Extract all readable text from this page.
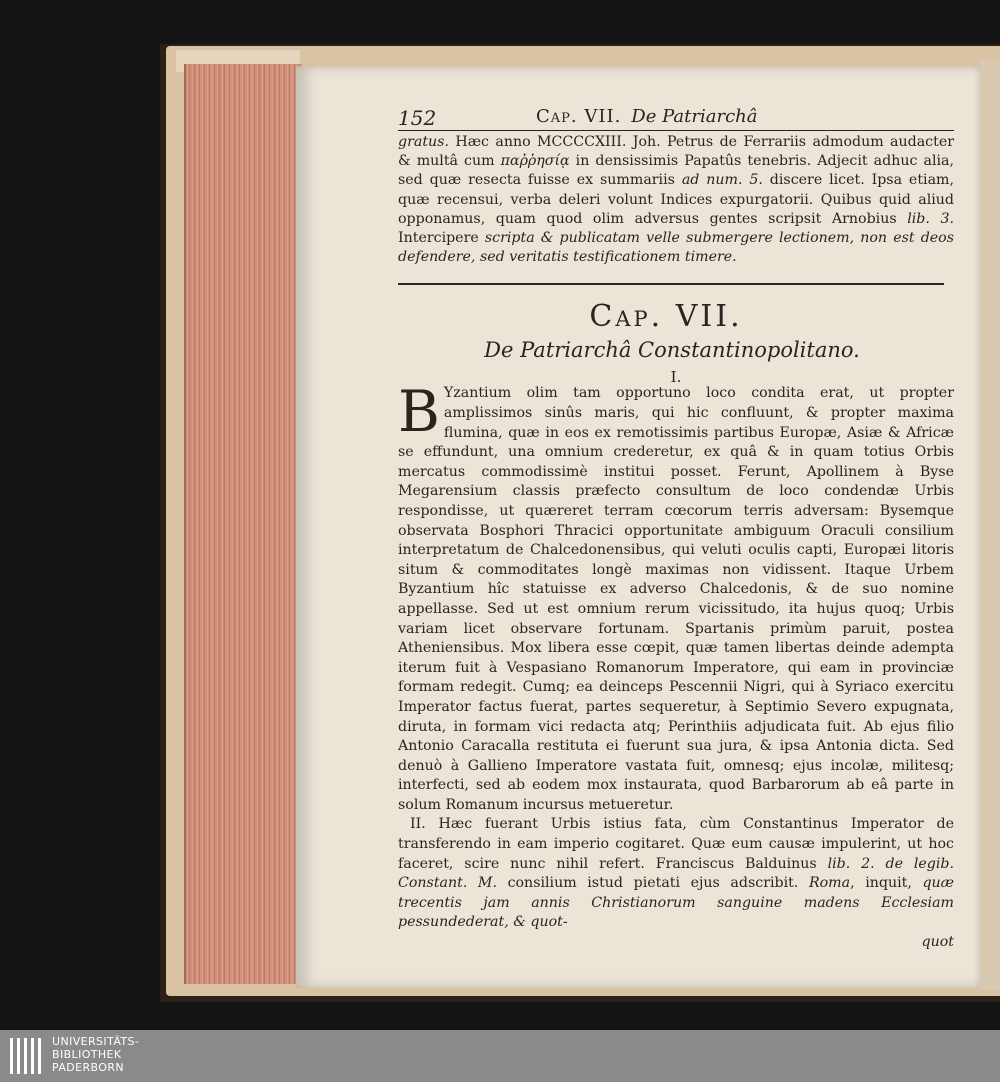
152	Cap. VII. De Patriarchâ
gratus. Hæc anno MCCCCXIII. Joh. Petrus de Ferrariis admodum audacter & multâ cum παῤῥησίᾳ in densissimis Papatûs tenebris. Adjecit adhuc alia, sed quæ resecta fuisse ex summariis ad num. 5. discere licet. Ipsa etiam, quæ recensui, verba deleri volunt Indices expurgatorii. Quibus quid aliud opponamus, quam quod olim adversus gentes scripsit Arnobius lib. 3. Intercipere scripta & publicatam velle submergere lectionem, non est deos defendere, sed veritatis testificationem timere.
Cap. VII.
De Patriarchâ Constantinopolitano.
I.
B Yzantium olim tam opportuno loco condita erat, ut propter amplissimos sinûs maris, qui hic confluunt, & propter maxima flumina, quæ in eos ex remotissimis partibus Europæ, Asiæ & Africæ se effundunt, una omnium crederetur, ex quâ & in quam totius Orbis mercatus commodissimè institui posset. Ferunt, Apollinem à Byse Megarensium classis præfecto consultum de loco condendæ Urbis respondisse, ut quæreret terram cœcorum terris adversam: Bysemque observata Bosphori Thracici opportunitate ambiguum Oraculi consilium interpretatum de Chalcedonensibus, qui veluti oculis capti, Europæi litoris situm & commoditates longè maximas non vidissent. Itaque Urbem Byzantium hîc statuisse ex adverso Chalcedonis, & de suo nomine appellasse. Sed ut est omnium rerum vicissitudo, ita hujus quoq; Urbis variam licet observare fortunam. Spartanis primùm paruit, postea Atheniensibus. Mox libera esse cœpit, quæ tamen libertas deinde adempta iterum fuit à Vespasiano Romanorum Imperatore, qui eam in provinciæ formam redegit. Cumq; ea deinceps Pescennii Nigri, qui à Syriaco exercitu Imperator factus fuerat, partes sequeretur, à Septimio Severo expugnata, diruta, in formam vici redacta atq; Perinthiis adjudicata fuit. Ab ejus filio Antonio Caracalla restituta ei fuerunt sua jura, & ipsa Antonia dicta. Sed denuò à Gallieno Imperatore vastata fuit, omnesq; ejus incolæ, militesq; interfecti, sed ab eodem mox instaurata, quod Barbarorum ab eâ parte in solum Romanum incursus metueretur.
II. Hæc fuerant Urbis istius fata, cùm Constantinus Imperator de transferendo in eam imperio cogitaret. Quæ eum causæ impulerint, ut hoc faceret, scire nunc nihil refert. Franciscus Balduinus lib. 2. de legib. Constant. M. consilium istud pietati ejus adscribit. Roma, inquit, quæ trecentis jam annis Christianorum sanguine madens Ecclesiam pessundederat, & quot-
quot
UNIVERSITÄTS-
BIBLIOTHEK
PADERBORN
